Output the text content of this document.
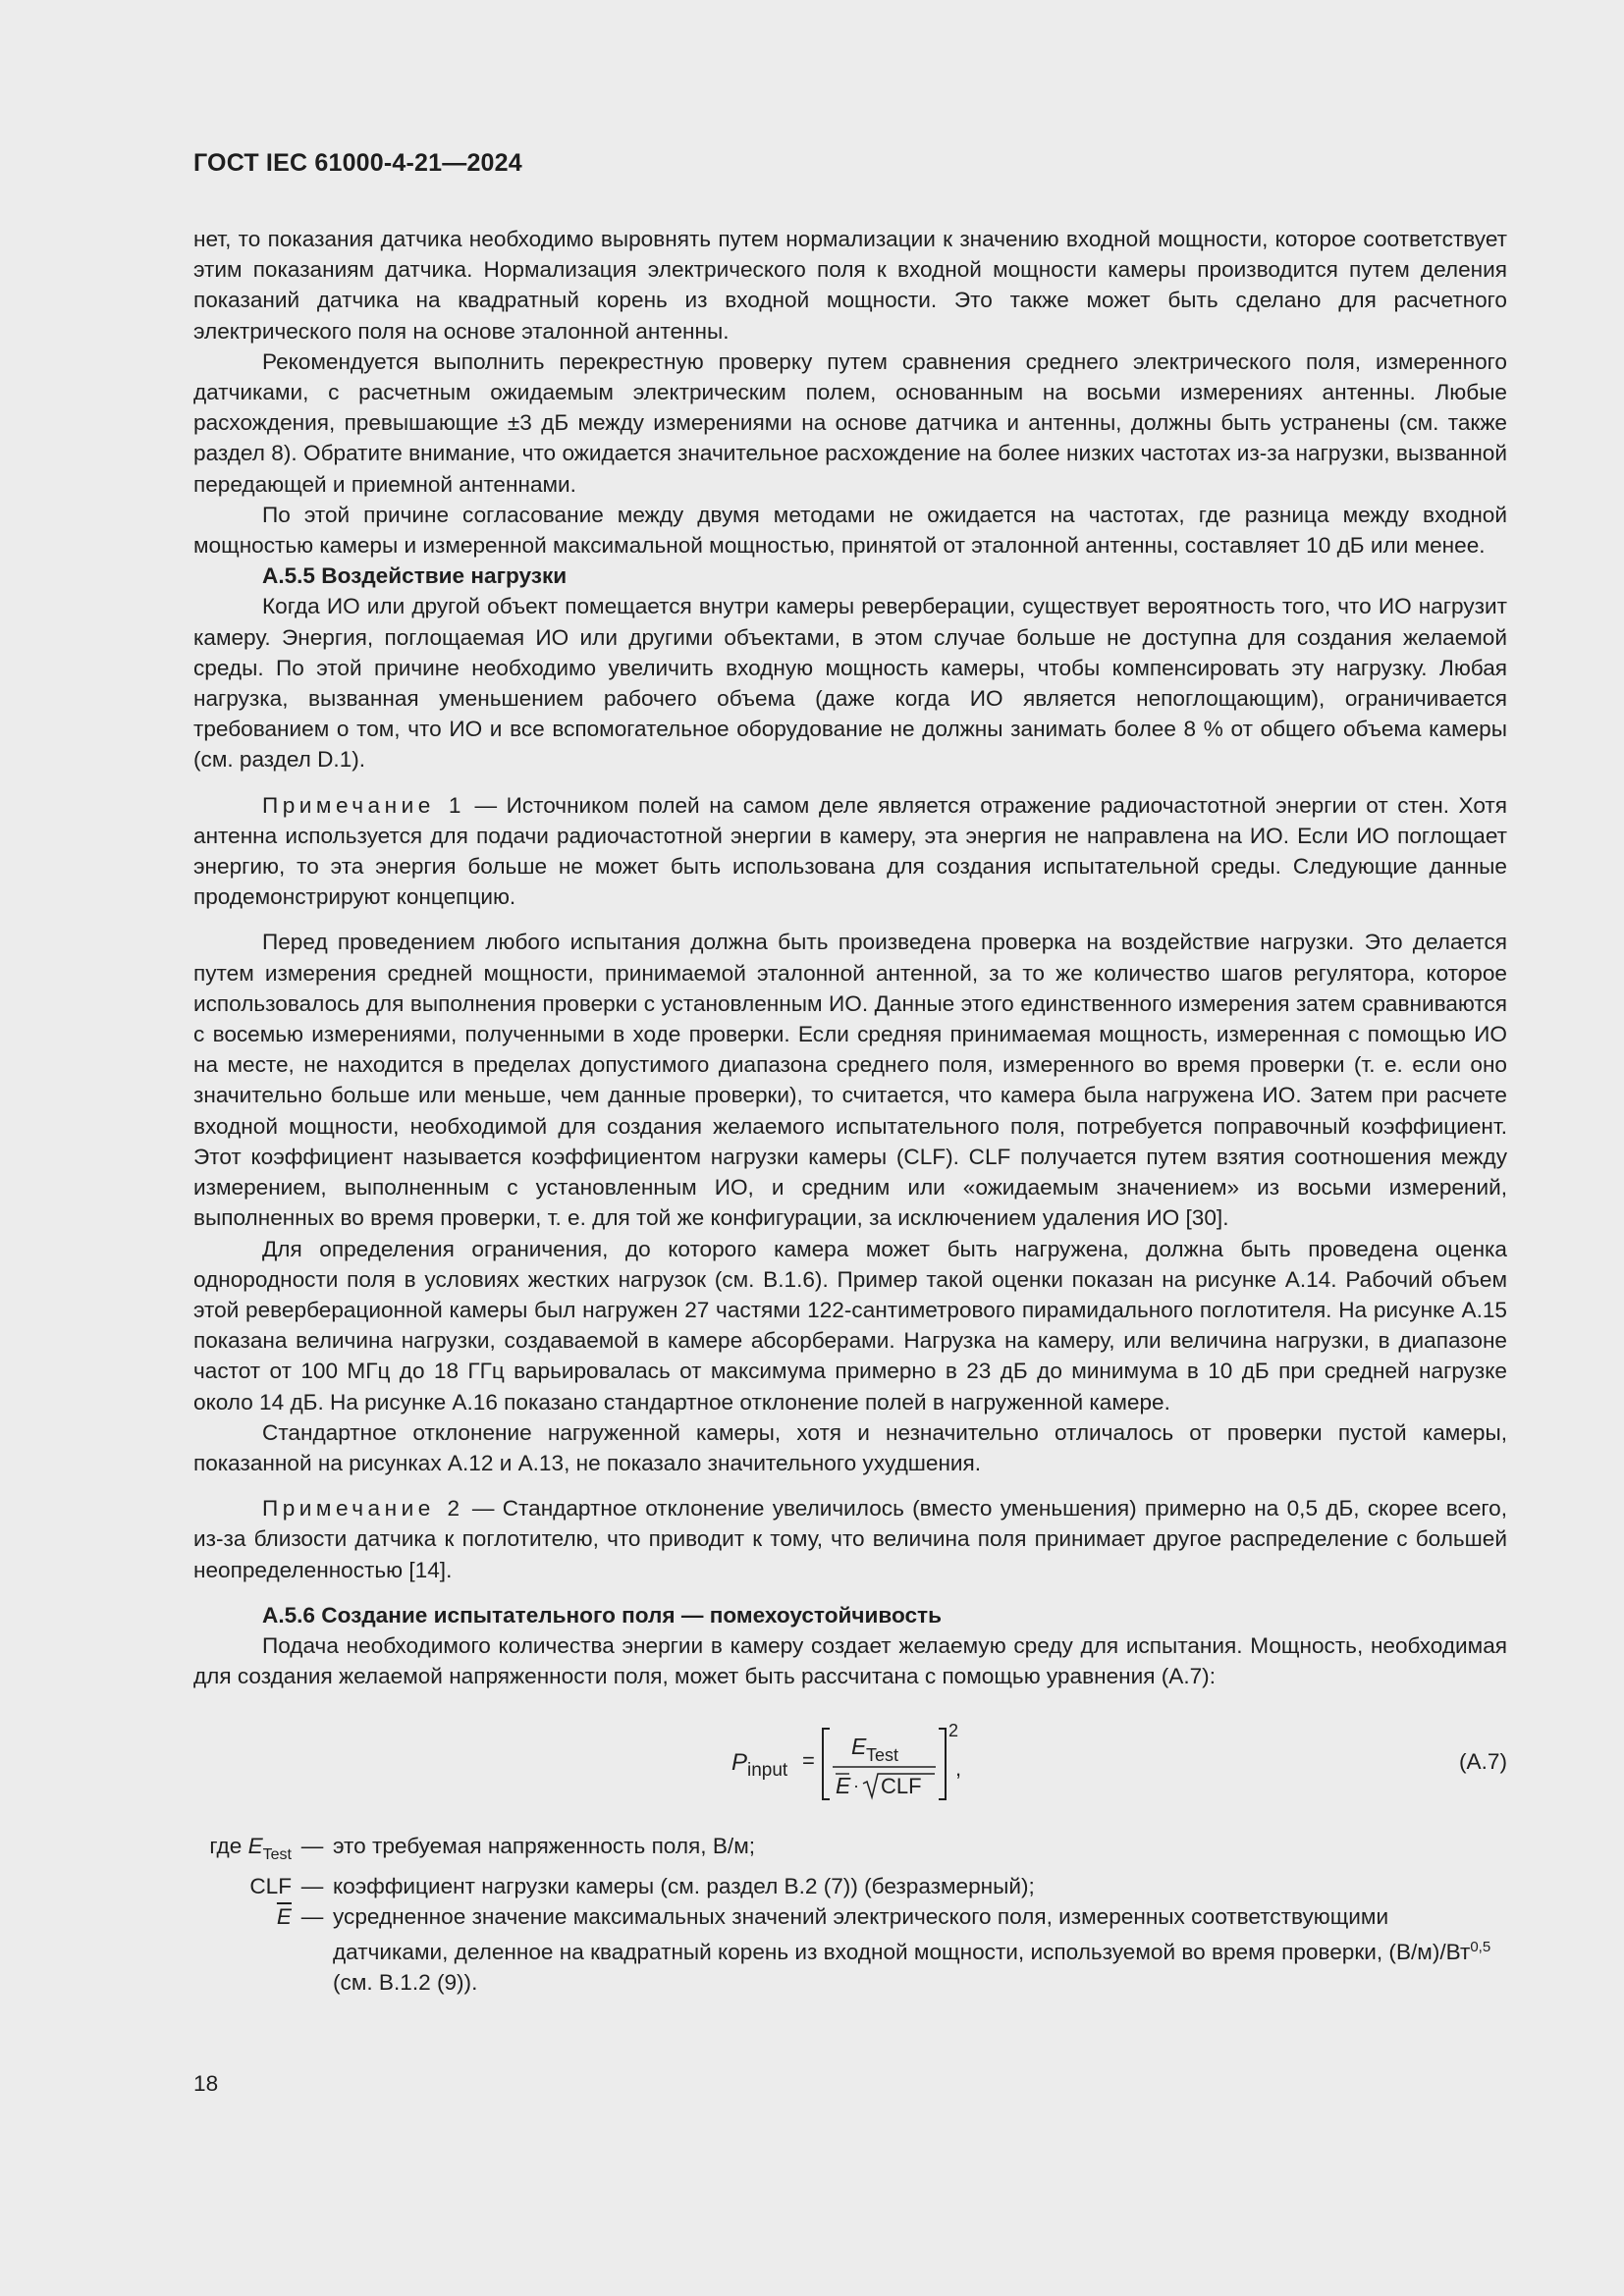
ГОСТ IEC 61000-4-21—2024

нет, то показания датчика необходимо выровнять путем нормализации к значению входной мощности, которое соответствует этим показаниям датчика. Нормализация электрического поля к входной мощности камеры производится путем деления показаний датчика на квадратный корень из входной мощности. Это также может быть сделано для расчетного электрического поля на основе эталонной антенны.

Рекомендуется выполнить перекрестную проверку путем сравнения среднего электрического поля, измеренного датчиками, с расчетным ожидаемым электрическим полем, основанным на восьми измерениях антенны. Любые расхождения, превышающие ±3 дБ между измерениями на основе датчика и антенны, должны быть устранены (см. также раздел 8). Обратите внимание, что ожидается значительное расхождение на более низких частотах из-за нагрузки, вызванной передающей и приемной антеннами.

По этой причине согласование между двумя методами не ожидается на частотах, где разница между входной мощностью камеры и измеренной максимальной мощностью, принятой от эталонной антенны, составляет 10 дБ или менее.

А.5.5 Воздействие нагрузки

Когда ИО или другой объект помещается внутри камеры реверберации, существует вероятность того, что ИО нагрузит камеру. Энергия, поглощаемая ИО или другими объектами, в этом случае больше не доступна для создания желаемой среды. По этой причине необходимо увеличить входную мощность камеры, чтобы компенсировать эту нагрузку. Любая нагрузка, вызванная уменьшением рабочего объема (даже когда ИО является непоглощающим), ограничивается требованием о том, что ИО и все вспомогательное оборудование не должны занимать более 8 % от общего объема камеры (см. раздел D.1).

Примечание 1 — Источником полей на самом деле является отражение радиочастотной энергии от стен. Хотя антенна используется для подачи радиочастотной энергии в камеру, эта энергия не направлена на ИО. Если ИО поглощает энергию, то эта энергия больше не может быть использована для создания испытательной среды. Следующие данные продемонстрируют концепцию.

Перед проведением любого испытания должна быть произведена проверка на воздействие нагрузки. Это делается путем измерения средней мощности, принимаемой эталонной антенной, за то же количество шагов регулятора, которое использовалось для выполнения проверки с установленным ИО. Данные этого единственного измерения затем сравниваются с восемью измерениями, полученными в ходе проверки. Если средняя принимаемая мощность, измеренная с помощью ИО на месте, не находится в пределах допустимого диапазона среднего поля, измеренного во время проверки (т. е. если оно значительно больше или меньше, чем данные проверки), то считается, что камера была нагружена ИО. Затем при расчете входной мощности, необходимой для создания желаемого испытательного поля, потребуется поправочный коэффициент. Этот коэффициент называется коэффициентом нагрузки камеры (CLF). CLF получается путем взятия соотношения между измерением, выполненным с установленным ИО, и средним или «ожидаемым значением» из восьми измерений, выполненных во время проверки, т. е. для той же конфигурации, за исключением удаления ИО [30].

Для определения ограничения, до которого камера может быть нагружена, должна быть проведена оценка однородности поля в условиях жестких нагрузок (см. В.1.6). Пример такой оценки показан на рисунке А.14. Рабочий объем этой реверберационной камеры был нагружен 27 частями 122-сантиметрового пирамидального поглотителя. На рисунке А.15 показана величина нагрузки, создаваемой в камере абсорберами. Нагрузка на камеру, или величина нагрузки, в диапазоне частот от 100 МГц до 18 ГГц варьировалась от максимума примерно в 23 дБ до минимума в 10 дБ при средней нагрузке около 14 дБ. На рисунке А.16 показано стандартное отклонение полей в нагруженной камере.

Стандартное отклонение нагруженной камеры, хотя и незначительно отличалось от проверки пустой камеры, показанной на рисунках А.12 и А.13, не показало значительного ухудшения.

Примечание 2 — Стандартное отклонение увеличилось (вместо уменьшения) примерно на 0,5 дБ, скорее всего, из-за близости датчика к поглотителю, что приводит к тому, что величина поля принимает другое распределение с большей неопределенностью [14].

А.5.6 Создание испытательного поля — помехоустойчивость

Подача необходимого количества энергии в камеру создает желаемую среду для испытания. Мощность, необходимая для создания желаемой напряженности поля, может быть рассчитана с помощью уравнения (А.7):

P input =
E Test
E · CLF
2
,	(А.7)
где $E_{Test}$ — это требуемая напряженность поля, В/м;
CLF — коэффициент нагрузки камеры (см. раздел В.2 (7)) (безразмерный);
$\overline{E}$ — усредненное значение максимальных значений электрического поля, измеренных соответствующими датчиками, деленное на квадратный корень из входной мощности, используемой во время проверки, (В/м)/Вт$^{0,5}$ (см. В.1.2 (9)).
18
